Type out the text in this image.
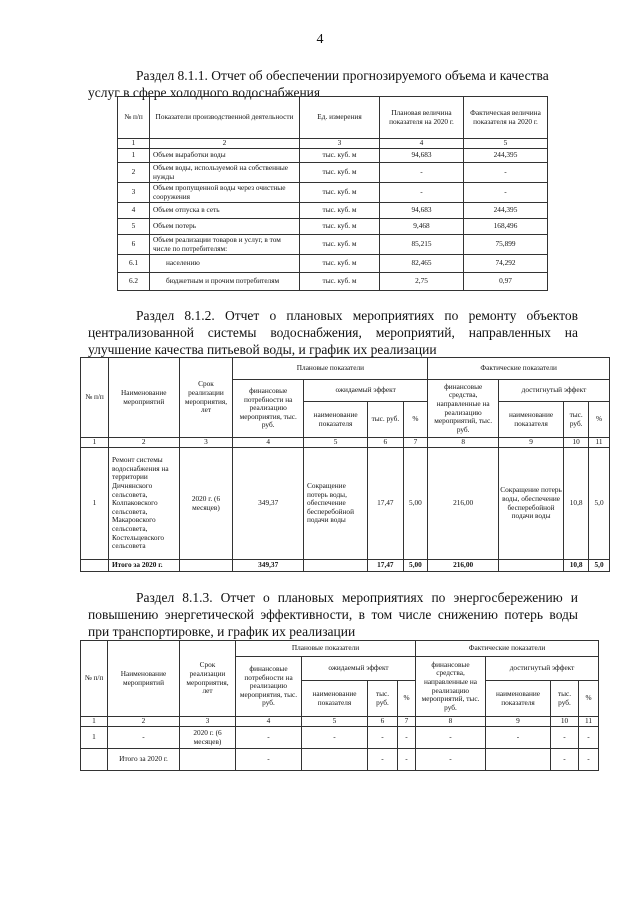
4
Раздел 8.1.1. Отчет об обеспечении прогнозируемого объема и качества услуг в сфере холодного водоснабжения
№ п/п	Показатели производственной деятельности	Ед. измерения	Плановая величина показателя на 2020 г.	Фактическая величина показателя на 2020 г.
1	2	3	4	5
1	Объем выработки воды	тыс. куб. м	94,683	244,395
2	Объем воды, используемой на собственные нужды	тыс. куб. м	-	-
3	Объем пропущенной воды через очистные сооружения	тыс. куб. м	-	-
4	Объем отпуска в сеть	тыс. куб. м	94,683	244,395
5	Объем потерь	тыс. куб. м	9,468	168,496
6	Объем реализации товаров и услуг, в том числе по потребителям:	тыс. куб. м	85,215	75,899
6.1	населению	тыс. куб. м	82,465	74,292
6.2	бюджетным и прочим потребителям	тыс. куб. м	2,75	0,97
Раздел 8.1.2. Отчет о плановых мероприятиях по ремонту объектов централизованной системы водоснабжения, мероприятий, направленных на улучшение качества питьевой воды, и график их реализации
№ п/п	Наименование мероприятий	Срок реализации мероприятия, лет	Плановые показатели				Фактические показатели			
			финансовые потребности на реализацию мероприятия, тыс. руб.	ожидаемый эффект			финансовые средства, направленные на реализацию мероприятий, тыс. руб.	достигнутый эффект		
				наименование показателя	тыс. руб.	%		наименование показателя	тыс. руб.	%
1	2	3	4	5	6	7	8	9	10	11
1	Ремонт системы водоснабжения на территории Дичнянского сельсовета, Колпаковского сельсовета, Макаровского сельсовета, Костельцевского сельсовета	2020 г. (6 месяцев)	349,37	Сокращение потерь воды, обеспечение бесперебойной подачи воды	17,47	5,00	216,00	Сокращение потерь воды, обеспечение бесперебойной подачи воды	10,8	5,0
	Итого за 2020 г.		349,37		17,47	5,00	216,00		10,8	5,0
Раздел 8.1.3. Отчет о плановых мероприятиях по энергосбережению и повышению энергетической эффективности, в том числе снижению потерь воды при транспортировке, и график их реализации
№ п/п	Наименование мероприятий	Срок реализации мероприятия, лет	Плановые показатели				Фактические показатели			
			финансовые потребности на реализацию мероприятия, тыс. руб.	ожидаемый эффект			финансовые средства, направленные на реализацию мероприятий, тыс. руб.	достигнутый эффект		
				наименование показателя	тыс. руб.	%		наименование показателя	тыс. руб.	%
1	2	3	4	5	6	7	8	9	10	11
1	-	2020 г. (6 месяцев)	-	-	-	-	-	-	-	-
	Итого за 2020 г.		-		-	-	-		-	-
